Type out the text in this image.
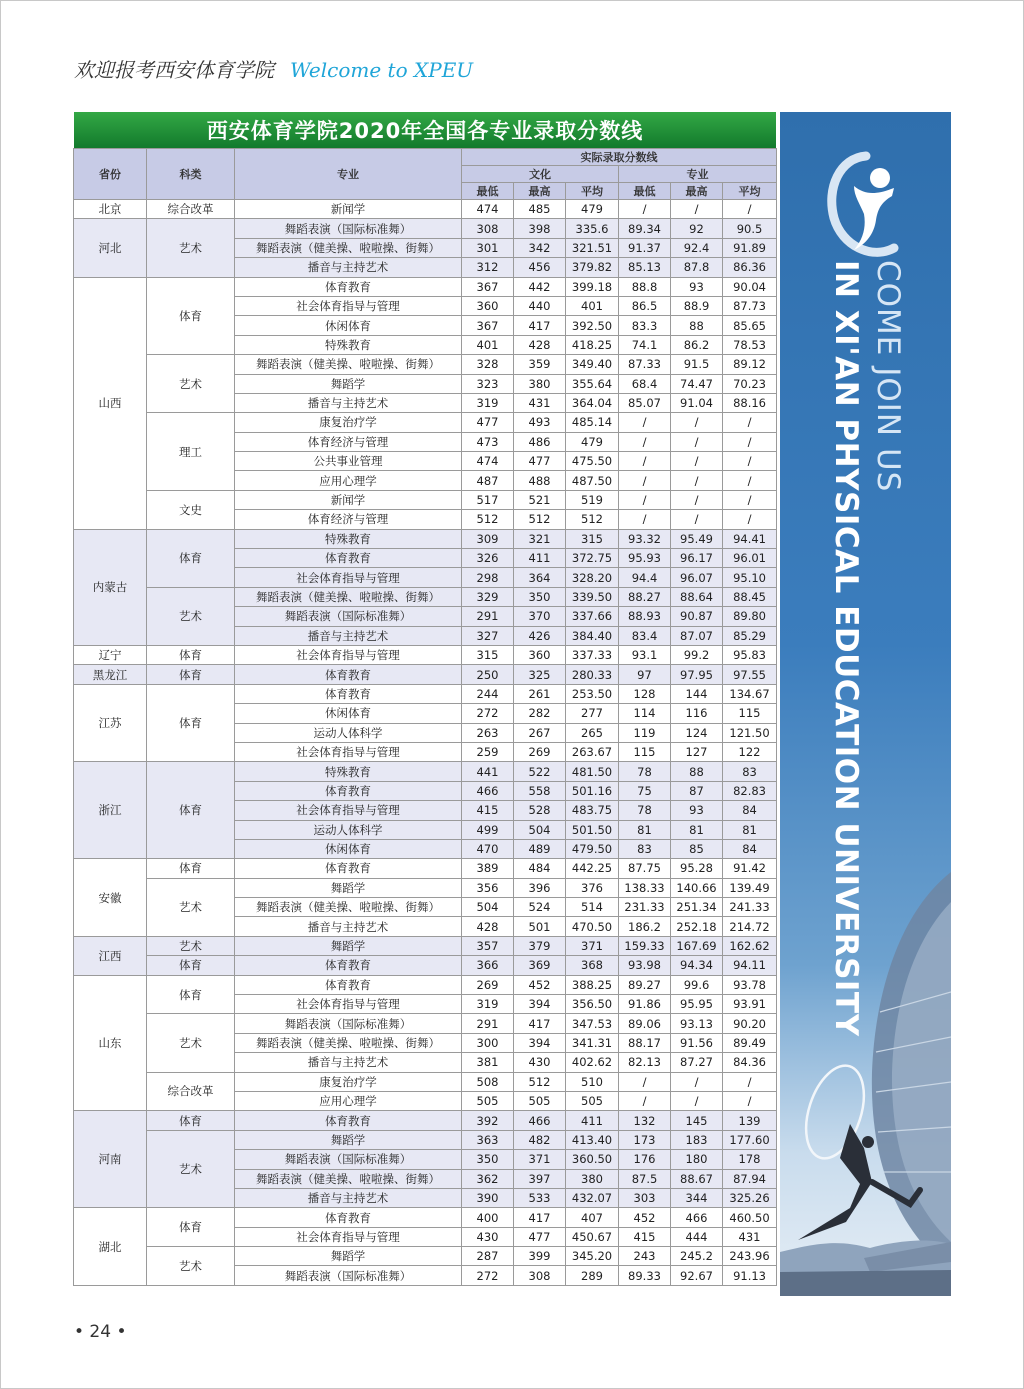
欢迎报考西安体育学院 Welcome to XPEU
西安体育学院2020年全国各专业录取分数线
省份	科类	专业	实际录取分数线					
			文化			专业		
			最低	最高	平均	最低	最高	平均
北京	综合改革	新闻学	474	485	479	/	/	/
河北	艺术	舞蹈表演（国际标准舞）	308	398	335.6	89.34	92	90.5
		舞蹈表演（健美操、啦啦操、街舞）	301	342	321.51	91.37	92.4	91.89
		播音与主持艺术	312	456	379.82	85.13	87.8	86.36
山西	体育	体育教育	367	442	399.18	88.8	93	90.04
		社会体育指导与管理	360	440	401	86.5	88.9	87.73
		休闲体育	367	417	392.50	83.3	88	85.65
		特殊教育	401	428	418.25	74.1	86.2	78.53
	艺术	舞蹈表演（健美操、啦啦操、街舞）	328	359	349.40	87.33	91.5	89.12
		舞蹈学	323	380	355.64	68.4	74.47	70.23
		播音与主持艺术	319	431	364.04	85.07	91.04	88.16
	理工	康复治疗学	477	493	485.14	/	/	/
		体育经济与管理	473	486	479	/	/	/
		公共事业管理	474	477	475.50	/	/	/
		应用心理学	487	488	487.50	/	/	/
	文史	新闻学	517	521	519	/	/	/
		体育经济与管理	512	512	512	/	/	/
内蒙古	体育	特殊教育	309	321	315	93.32	95.49	94.41
		体育教育	326	411	372.75	95.93	96.17	96.01
		社会体育指导与管理	298	364	328.20	94.4	96.07	95.10
	艺术	舞蹈表演（健美操、啦啦操、街舞）	329	350	339.50	88.27	88.64	88.45
		舞蹈表演（国际标准舞）	291	370	337.66	88.93	90.87	89.80
		播音与主持艺术	327	426	384.40	83.4	87.07	85.29
辽宁	体育	社会体育指导与管理	315	360	337.33	93.1	99.2	95.83
黑龙江	体育	体育教育	250	325	280.33	97	97.95	97.55
江苏	体育	体育教育	244	261	253.50	128	144	134.67
		休闲体育	272	282	277	114	116	115
		运动人体科学	263	267	265	119	124	121.50
		社会体育指导与管理	259	269	263.67	115	127	122
浙江	体育	特殊教育	441	522	481.50	78	88	83
		体育教育	466	558	501.16	75	87	82.83
		社会体育指导与管理	415	528	483.75	78	93	84
		运动人体科学	499	504	501.50	81	81	81
		休闲体育	470	489	479.50	83	85	84
安徽	体育	体育教育	389	484	442.25	87.75	95.28	91.42
	艺术	舞蹈学	356	396	376	138.33	140.66	139.49
		舞蹈表演（健美操、啦啦操、街舞）	504	524	514	231.33	251.34	241.33
		播音与主持艺术	428	501	470.50	186.2	252.18	214.72
江西	艺术	舞蹈学	357	379	371	159.33	167.69	162.62
	体育	体育教育	366	369	368	93.98	94.34	94.11
山东	体育	体育教育	269	452	388.25	89.27	99.6	93.78
		社会体育指导与管理	319	394	356.50	91.86	95.95	93.91
	艺术	舞蹈表演（国际标准舞）	291	417	347.53	89.06	93.13	90.20
		舞蹈表演（健美操、啦啦操、街舞）	300	394	341.31	88.17	91.56	89.49
		播音与主持艺术	381	430	402.62	82.13	87.27	84.36
	综合改革	康复治疗学	508	512	510	/	/	/
		应用心理学	505	505	505	/	/	/
河南	体育	体育教育	392	466	411	132	145	139
	艺术	舞蹈学	363	482	413.40	173	183	177.60
		舞蹈表演（国际标准舞）	350	371	360.50	176	180	178
		舞蹈表演（健美操、啦啦操、街舞）	362	397	380	87.5	88.67	87.94
		播音与主持艺术	390	533	432.07	303	344	325.26
湖北	体育	体育教育	400	417	407	452	466	460.50
		社会体育指导与管理	430	477	450.67	415	444	431
	艺术	舞蹈学	287	399	345.20	243	245.2	243.96
		舞蹈表演（国际标准舞）	272	308	289	89.33	92.67	91.13
COME JOIN US
IN XI'AN PHYSICAL EDUCATION UNIVERSITY
• 24 •
